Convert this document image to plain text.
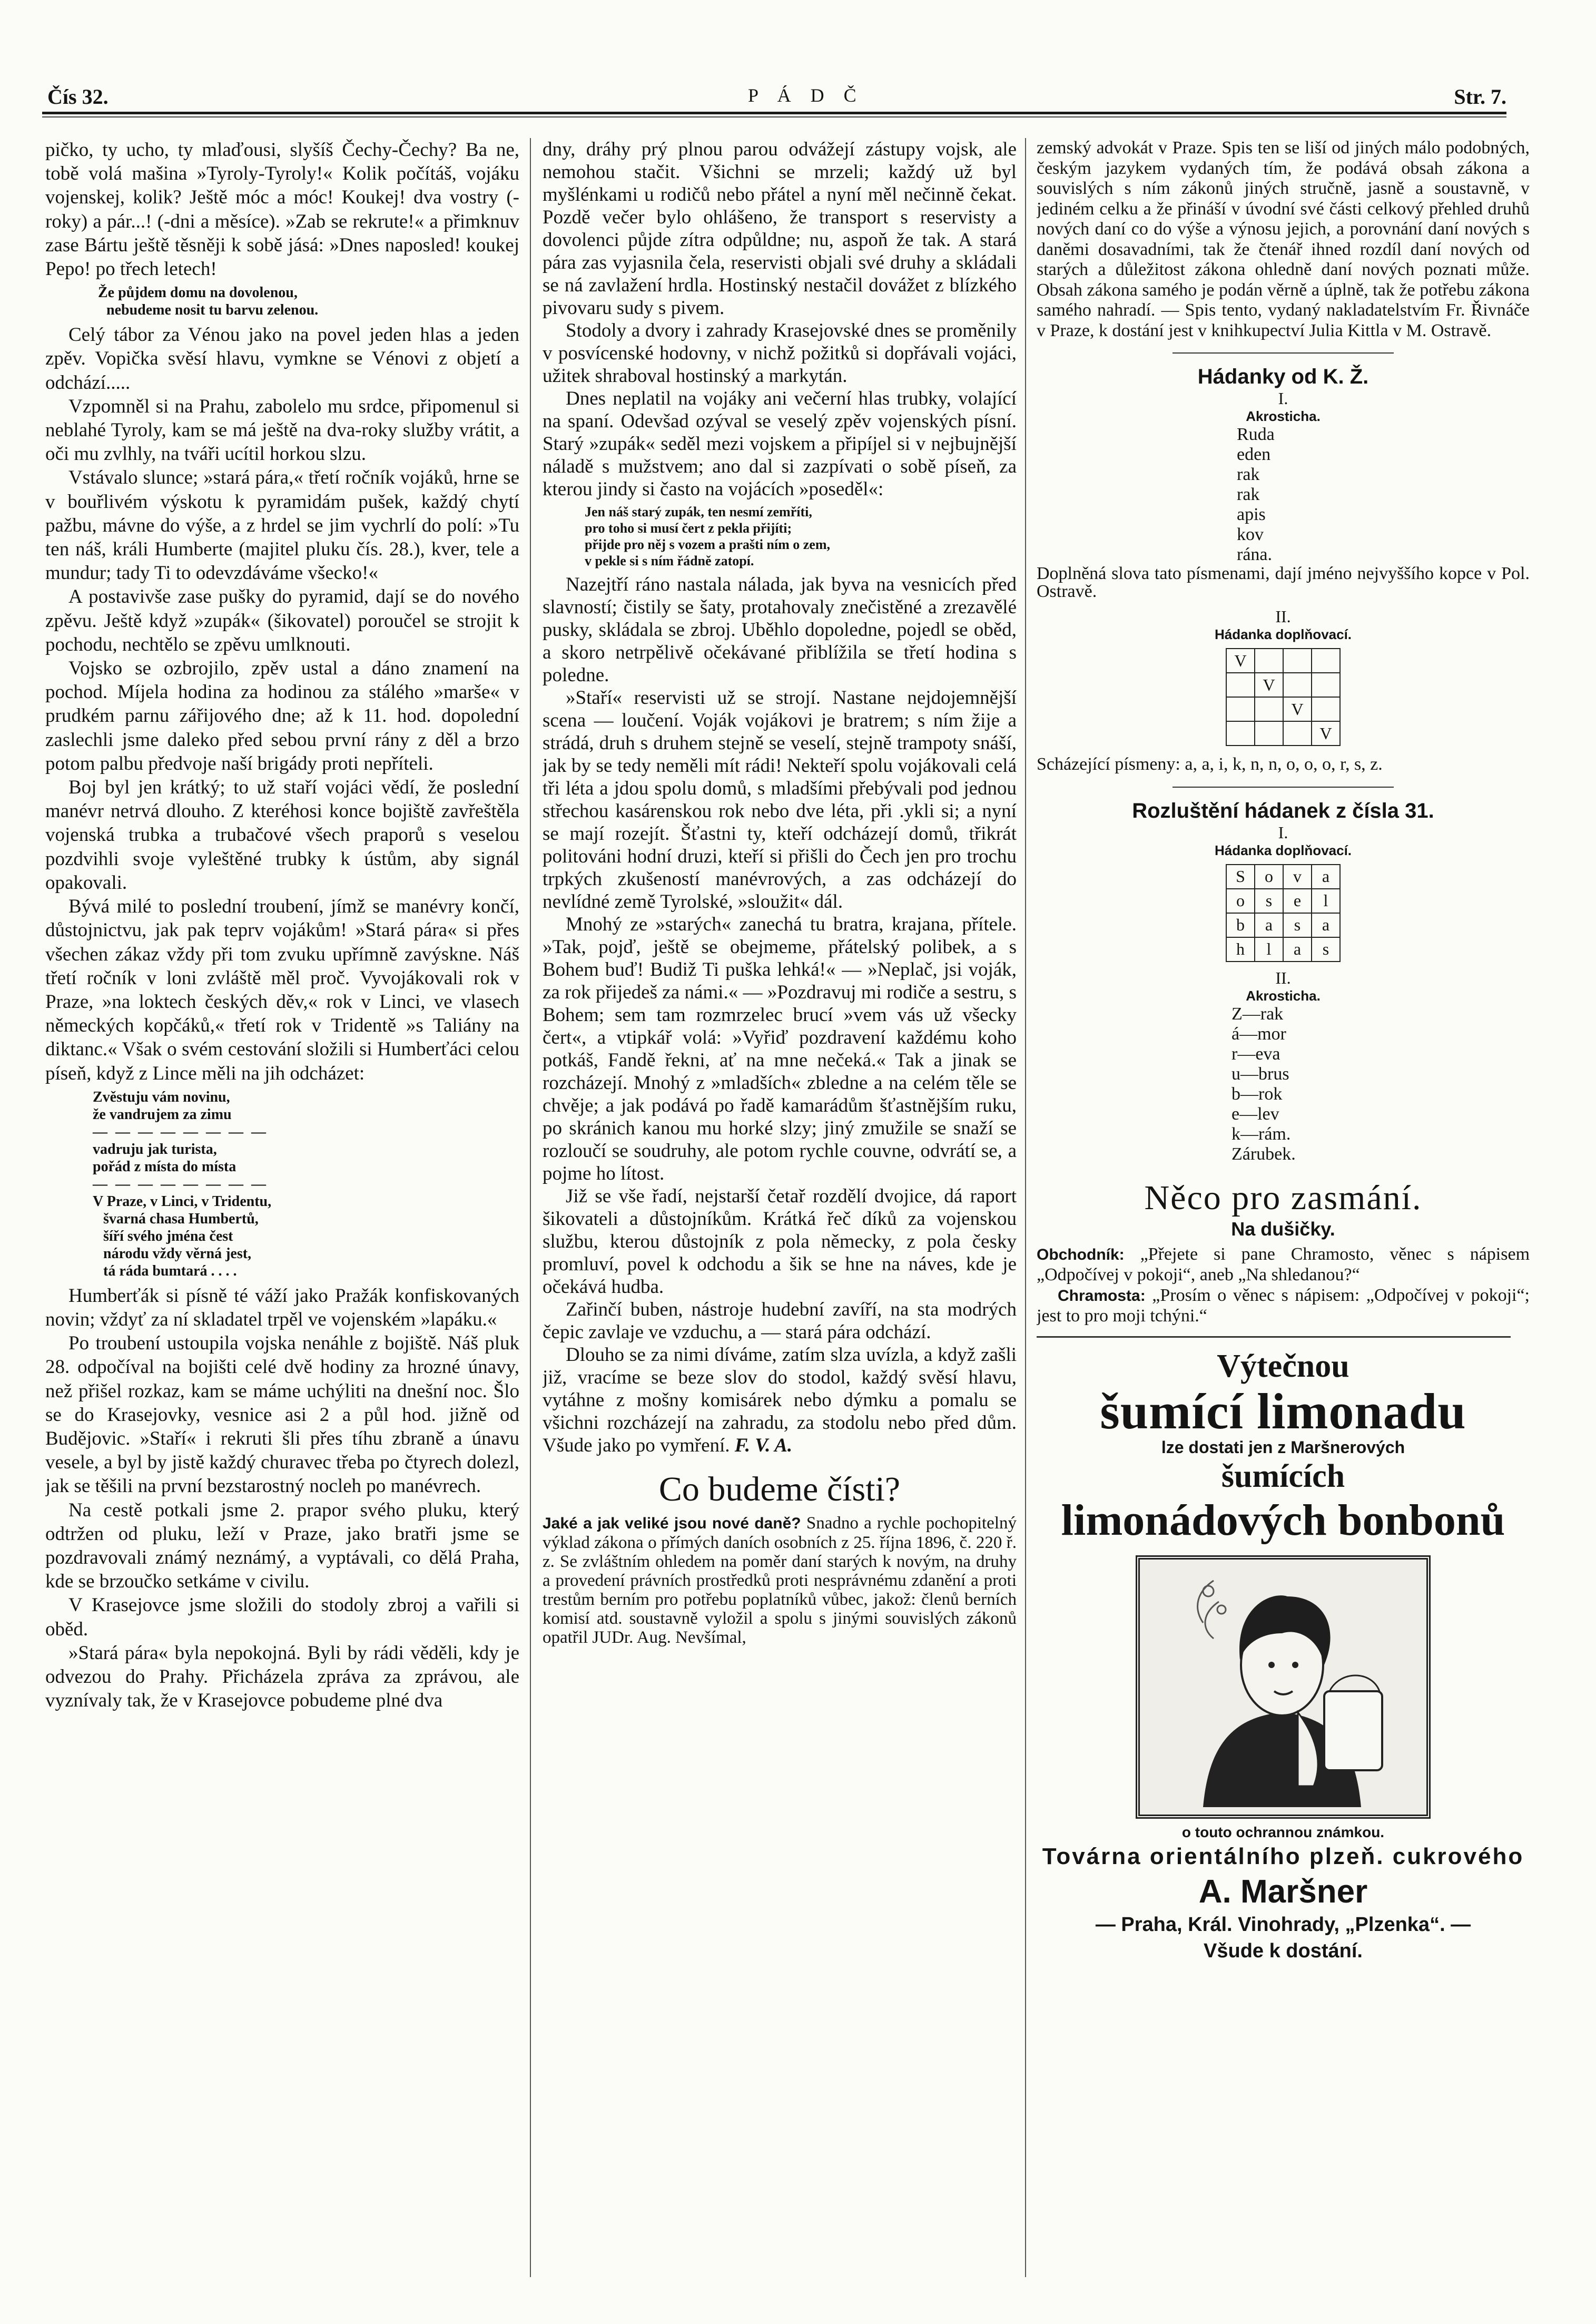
Čís 32.	P Á D Č	Str. 7.

pičko, ty ucho, ty mlaďousi, slyšíš Čechy-Čechy? Ba ne, tobě volá mašina »Tyroly-Tyroly!« Kolik počítáš, vojáku vojenskej, kolik? Ještě móc a móc! Koukej! dva vostry (-roky) a pár...! (-dni a měsíce). »Zab se rekrute!« a přimknuv zase Bártu ještě těsněji k sobě jásá: »Dnes naposled! koukej Pepo! po třech letech!

Že půjdem domu na dovolenou,
nebudeme nosit tu barvu zelenou.

Celý tábor za Vénou jako na povel jeden hlas a jeden zpěv. Vopička svěsí hlavu, vymkne se Vénovi z objetí a odchází.....

Vzpomněl si na Prahu, zabolelo mu srdce, připomenul si neblahé Tyroly, kam se má ještě na dva-roky služby vrátit, a oči mu zvlhly, na tváři ucítil horkou slzu.

Vstávalo slunce; »stará pára,« třetí ročník vojáků, hrne se v bouřlivém výskotu k pyramidám pušek, každý chytí pažbu, mávne do výše, a z hrdel se jim vychrlí do polí: »Tu ten náš, králi Humberte (majitel pluku čís. 28.), kver, tele a mundur; tady Ti to odevzdáváme všecko!«

A postavivše zase pušky do pyramid, dají se do nového zpěvu. Ještě když »zupák« (šikovatel) poroučel se strojit k pochodu, nechtělo se zpěvu umlknouti.

Vojsko se ozbrojilo, zpěv ustal a dáno znamení na pochod. Míjela hodina za hodinou za stálého »marše« v prudkém parnu zářijového dne; až k 11. hod. dopolední zaslechli jsme daleko před sebou první rány z děl a brzo potom palbu předvoje naší brigády proti nepříteli.

Boj byl jen krátký; to už staří vojáci vědí, že poslední manévr netrvá dlouho. Z kteréhosi konce bojiště zavřeštěla vojenská trubka a trubačové všech praporů s veselou pozdvihli svoje vyleštěné trubky k ústům, aby signál opakovali.

Bývá milé to poslední troubení, jímž se manévry končí, důstojnictvu, jak pak teprv vojákům! »Stará pára« si přes všechen zákaz vždy při tom zvuku upřímně zavýskne. Náš třetí ročník v loni zvláště měl proč. Vyvojákovali rok v Praze, »na loktech českých děv,« rok v Linci, ve vlasech německých kopčáků,« třetí rok v Tridentě »s Taliány na diktanc.« Však o svém cestování složili si Humberťáci celou píseň, když z Lince měli na jih odcházet:

Zvěstuju vám novinu,
že vandrujem za zimu
— — — — — — — —
vadruju jak turista,
pořád z místa do místa
— — — — — — — —
V Praze, v Linci, v Tridentu,
švarná chasa Humbertů,
šíří svého jména čest
národu vždy věrná jest,
tá ráda bumtará . . . .

Humberťák si písně té váží jako Pražák konfiskovaných novin; vždyť za ní skladatel trpěl ve vojenském »lapáku.«

Po troubení ustoupila vojska nenáhle z bojiště. Náš pluk 28. odpočíval na bojišti celé dvě hodiny za hrozné únavy, než přišel rozkaz, kam se máme uchýliti na dnešní noc. Šlo se do Krasejovky, vesnice asi 2 a půl hod. jižně od Budějovic. »Staří« i rekruti šli přes tíhu zbraně a únavu vesele, a byl by jistě každý churavec třeba po čtyrech dolezl, jak se těšili na první bezstarostný nocleh po manévrech.

Na cestě potkali jsme 2. prapor svého pluku, který odtržen od pluku, leží v Praze, jako bratři jsme se pozdravovali známý neznámý, a vyptávali, co dělá Praha, kde se brzoučko setkáme v civilu.

V Krasejovce jsme složili do stodoly zbroj a vařili si oběd.

»Stará pára« byla nepokojná. Byli by rádi věděli, kdy je odvezou do Prahy. Přicházela zpráva za zprávou, ale vyznívaly tak, že v Krasejovce pobudeme plné dva

dny, dráhy prý plnou parou odvážejí zástupy vojsk, ale nemohou stačit. Všichni se mrzeli; každý už byl myšlénkami u rodičů nebo přátel a nyní měl nečinně čekat. Pozdě večer bylo ohlášeno, že transport s reservisty a dovolenci půjde zítra odpůldne; nu, aspoň že tak. A stará pára zas vyjasnila čela, reservisti objali své druhy a skládali se ná zavlažení hrdla. Hostinský nestačil dovážet z blízkého pivovaru sudy s pivem.

Stodoly a dvory i zahrady Krasejovské dnes se proměnily v posvícenské hodovny, v nichž požitků si dopřávali vojáci, užitek shraboval hostinský a markytán.

Dnes neplatil na vojáky ani večerní hlas trubky, volající na spaní. Odevšad ozýval se veselý zpěv vojenských písní. Starý »zupák« seděl mezi vojskem a připíjel si v nejbujnější náladě s mužstvem; ano dal si zazpívati o sobě píseň, za kterou jindy si často na vojácích »poseděl«:

Jen náš starý zupák, ten nesmí zemříti,
pro toho si musí čert z pekla přijíti;
přijde pro něj s vozem a prašti ním o zem,
v pekle si s ním řádně zatopí.

Nazejtří ráno nastala nálada, jak byva na vesnicích před slavností; čistily se šaty, protahovaly znečistěné a zrezavělé pusky, skládala se zbroj. Uběhlo dopoledne, pojedl se oběd, a skoro netrpělivě očekávané přiblížila se třetí hodina s poledne.

»Staří« reservisti už se strojí. Nastane nejdojemnější scena — loučení. Voják vojákovi je bratrem; s ním žije a strádá, druh s druhem stejně se veselí, stejně trampoty snáší, jak by se tedy neměli mít rádi! Nekteří spolu vojákovali celá tři léta a jdou spolu domů, s mladšími přebývali pod jednou střechou kasárenskou rok nebo dve léta, při .ykli si; a nyní se mají rozejít. Šťastni ty, kteří odcházejí domů, třikrát politováni hodní druzi, kteří si přišli do Čech jen pro trochu trpkých zkušeností manévrových, a zas odcházejí do nevlídné země Tyrolské, »sloužit« dál.

Mnohý ze »starých« zanechá tu bratra, krajana, přítele. »Tak, pojď, ještě se obejmeme, přátelský polibek, a s Bohem buď! Budiž Ti puška lehká!« — »Neplač, jsi voják, za rok přijedeš za námi.« — »Pozdravuj mi rodiče a sestru, s Bohem; sem tam rozmrzelec brucí »vem vás už všecky čert«, a vtipkář volá: »Vyřiď pozdravení každému koho potkáš, Fandě řekni, ať na mne nečeká.« Tak a jinak se rozcházejí. Mnohý z »mladších« zbledne a na celém těle se chvěje; a jak podává po řadě kamarádům šťastnějším ruku, po skránich kanou mu horké slzy; jiný zmužile se snaží se rozloučí se soudruhy, ale potom rychle couvne, odvrátí se, a pojme ho lítost.

Již se vše řadí, nejstarší četař rozdělí dvojice, dá raport šikovateli a důstojníkům. Krátká řeč díků za vojenskou službu, kterou důstojník z pola německy, z pola česky promluví, povel k odchodu a šik se hne na náves, kde je očekává hudba.

Zařinčí buben, nástroje hudební zavíří, na sta modrých čepic zavlaje ve vzduchu, a — stará pára odchází.

Dlouho se za nimi díváme, zatím slza uvízla, a když zašli již, vracíme se beze slov do stodol, každý svěsí hlavu, vytáhne z mošny komisárek nebo dýmku a pomalu se všichni rozcházejí na zahradu, za stodolu nebo před dům. Všude jako po vymření. F. V. A.

Co budeme čísti?

Jaké a jak veliké jsou nové daně? Snadno a rychle pochopitelný výklad zákona o přímých daních osobních z 25. října 1896, č. 220 ř. z. Se zvláštním ohledem na poměr daní starých k novým, na druhy a provedení právních prostředků proti nesprávnému zdanění a proti trestům berním pro potřebu poplatníků vůbec, jakož: členů berních komisí atd. soustavně vyložil a spolu s jinými souvislých zákonů opatřil JUDr. Aug. Nevšímal,

zemský advokát v Praze. Spis ten se liší od jiných málo podobných, českým jazykem vydaných tím, že podává obsah zákona a souvislých s ním zákonů jiných stručně, jasně a soustavně, v jediném celku a že přináší v úvodní své části celkový přehled druhů nových daní co do výše a výnosu jejich, a porovnání daní nových s daněmi dosavadními, tak že čtenář ihned rozdíl daní nových od starých a důležitost zákona ohledně daní nových poznati může. Obsah zákona samého je podán věrně a úplně, tak že potřebu zákona samého nahradí. — Spis tento, vydaný nakladatelstvím Fr. Řivnáče v Praze, k dostání jest v knihkupectví Julia Kittla v M. Ostravě.

Hádanky od K. Ž.
I.
Akrostichа.
Ruda
eden
rak
rak
apis
kov
rána.

Doplněná slova tato písmenami, dají jméno nejvyššího kopce v Pol. Ostravě.

II.
Hádanka doplňovací.
V			
	V		
		V	
			V

Scházející písmeny: a, a, i, k, n, n, o, o, o, r, s, z.

Rozluštění hádanek z čísla 31.
I.
Hádanka doplňovací.
S	o	v	a
o	s	e	l
b	a	s	a
h	l	a	s
II.
Akrostichа.
Z—rak
á—mor
r—eva
u—brus
b—rok
e—lev
k—rám.
Zárubek.
Něco pro zasmání.
Na dušičky.

Obchodník: „Přejete si pane Chramosto, věnec s nápisem „Odpočívej v pokoji“, aneb „Na shledanou?“

Chramosta: „Prosím o věnec s nápisem: „Odpočívej v pokoji“; jest to pro moji tchýni.“

Výtečnou
šumící limonadu
lze dostati jen z Maršnerových
šumících
limonádových bonbonů
o touto ochrannou známkou.
Továrna orientálního plzeň. cukrového
A. Maršner
— Praha, Král. Vinohrady, „Plzenka“. —
Všude k dostání.
